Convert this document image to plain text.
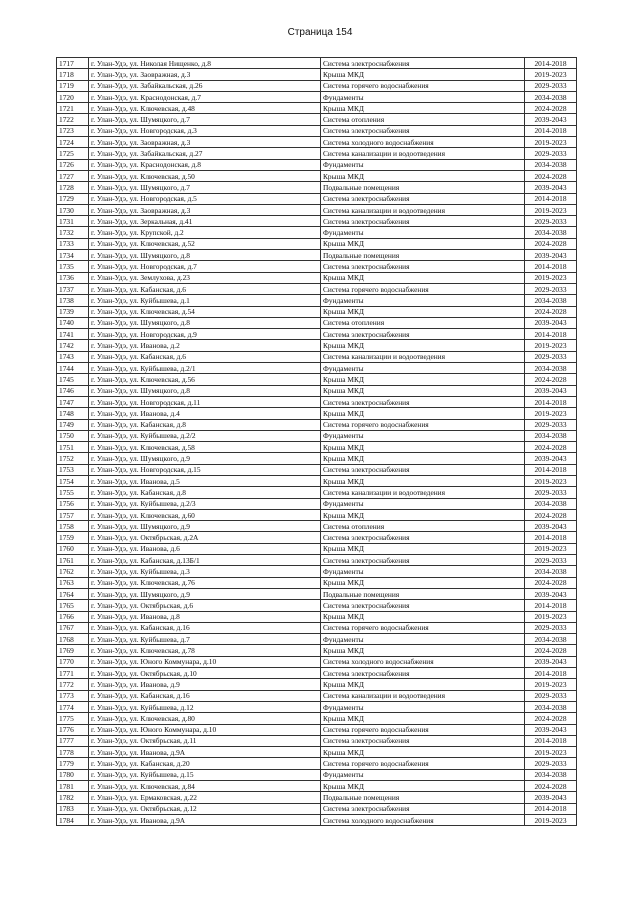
Страница 154
1717	г. Улан-Удэ, ул. Николая Нищенко, д.8	Система электроснабжения	2014-2018
1718	г. Улан-Удэ, ул. Заовражная, д.3	Крыша МКД	2019-2023
1719	г. Улан-Удэ, ул. Забайкальская, д.26	Система горячего водоснабжения	2029-2033
1720	г. Улан-Удэ, ул. Краснодонская, д.7	Фундаменты	2034-2038
1721	г. Улан-Удэ, ул. Ключевская, д.48	Крыша МКД	2024-2028
1722	г. Улан-Удэ, ул. Шумяцкого, д.7	Система отопления	2039-2043
1723	г. Улан-Удэ, ул. Новгородская, д.3	Система электроснабжения	2014-2018
1724	г. Улан-Удэ, ул. Заовражная, д.3	Система холодного водоснабжения	2019-2023
1725	г. Улан-Удэ, ул. Забайкальская, д.27	Система канализации и водоотведения	2029-2033
1726	г. Улан-Удэ, ул. Краснодонская, д.8	Фундаменты	2034-2038
1727	г. Улан-Удэ, ул. Ключевская, д.50	Крыша МКД	2024-2028
1728	г. Улан-Удэ, ул. Шумяцкого, д.7	Подвальные помещения	2039-2043
1729	г. Улан-Удэ, ул. Новгородская, д.5	Система электроснабжения	2014-2018
1730	г. Улан-Удэ, ул. Заовражная, д.3	Система канализации и водоотведения	2019-2023
1731	г. Улан-Удэ, ул. Зеркальная, д.41	Система электроснабжения	2029-2033
1732	г. Улан-Удэ, ул. Крупской, д.2	Фундаменты	2034-2038
1733	г. Улан-Удэ, ул. Ключевская, д.52	Крыша МКД	2024-2028
1734	г. Улан-Удэ, ул. Шумяцкого, д.8	Подвальные помещения	2039-2043
1735	г. Улан-Удэ, ул. Новгородская, д.7	Система электроснабжения	2014-2018
1736	г. Улан-Удэ, ул. Землухова, д.23	Крыша МКД	2019-2023
1737	г. Улан-Удэ, ул. Кабанская, д.6	Система горячего водоснабжения	2029-2033
1738	г. Улан-Удэ, ул. Куйбышева, д.1	Фундаменты	2034-2038
1739	г. Улан-Удэ, ул. Ключевская, д.54	Крыша МКД	2024-2028
1740	г. Улан-Удэ, ул. Шумяцкого, д.8	Система отопления	2039-2043
1741	г. Улан-Удэ, ул. Новгородская, д.9	Система электроснабжения	2014-2018
1742	г. Улан-Удэ, ул. Иванова, д.2	Крыша МКД	2019-2023
1743	г. Улан-Удэ, ул. Кабанская, д.6	Система канализации и водоотведения	2029-2033
1744	г. Улан-Удэ, ул. Куйбышева, д.2/1	Фундаменты	2034-2038
1745	г. Улан-Удэ, ул. Ключевская, д.56	Крыша МКД	2024-2028
1746	г. Улан-Удэ, ул. Шумяцкого, д.8	Крыша МКД	2039-2043
1747	г. Улан-Удэ, ул. Новгородская, д.11	Система электроснабжения	2014-2018
1748	г. Улан-Удэ, ул. Иванова, д.4	Крыша МКД	2019-2023
1749	г. Улан-Удэ, ул. Кабанская, д.8	Система горячего водоснабжения	2029-2033
1750	г. Улан-Удэ, ул. Куйбышева, д.2/2	Фундаменты	2034-2038
1751	г. Улан-Удэ, ул. Ключевская, д.58	Крыша МКД	2024-2028
1752	г. Улан-Удэ, ул. Шумяцкого, д.9	Крыша МКД	2039-2043
1753	г. Улан-Удэ, ул. Новгородская, д.15	Система электроснабжения	2014-2018
1754	г. Улан-Удэ, ул. Иванова, д.5	Крыша МКД	2019-2023
1755	г. Улан-Удэ, ул. Кабанская, д.8	Система канализации и водоотведения	2029-2033
1756	г. Улан-Удэ, ул. Куйбышева, д.2/3	Фундаменты	2034-2038
1757	г. Улан-Удэ, ул. Ключевская, д.60	Крыша МКД	2024-2028
1758	г. Улан-Удэ, ул. Шумяцкого, д.9	Система отопления	2039-2043
1759	г. Улан-Удэ, ул. Октябрьская, д.2А	Система электроснабжения	2014-2018
1760	г. Улан-Удэ, ул. Иванова, д.6	Крыша МКД	2019-2023
1761	г. Улан-Удэ, ул. Кабанская, д.13Б/1	Система электроснабжения	2029-2033
1762	г. Улан-Удэ, ул. Куйбышева, д.3	Фундаменты	2034-2038
1763	г. Улан-Удэ, ул. Ключевская, д.76	Крыша МКД	2024-2028
1764	г. Улан-Удэ, ул. Шумяцкого, д.9	Подвальные помещения	2039-2043
1765	г. Улан-Удэ, ул. Октябрьская, д.6	Система электроснабжения	2014-2018
1766	г. Улан-Удэ, ул. Иванова, д.8	Крыша МКД	2019-2023
1767	г. Улан-Удэ, ул. Кабанская, д.16	Система горячего водоснабжения	2029-2033
1768	г. Улан-Удэ, ул. Куйбышева, д.7	Фундаменты	2034-2038
1769	г. Улан-Удэ, ул. Ключевская, д.78	Крыша МКД	2024-2028
1770	г. Улан-Удэ, ул. Юного Коммунара, д.10	Система холодного водоснабжения	2039-2043
1771	г. Улан-Удэ, ул. Октябрьская, д.10	Система электроснабжения	2014-2018
1772	г. Улан-Удэ, ул. Иванова, д.9	Крыша МКД	2019-2023
1773	г. Улан-Удэ, ул. Кабанская, д.16	Система канализации и водоотведения	2029-2033
1774	г. Улан-Удэ, ул. Куйбышева, д.12	Фундаменты	2034-2038
1775	г. Улан-Удэ, ул. Ключевская, д.80	Крыша МКД	2024-2028
1776	г. Улан-Удэ, ул. Юного Коммунара, д.10	Система горячего водоснабжения	2039-2043
1777	г. Улан-Удэ, ул. Октябрьская, д.11	Система электроснабжения	2014-2018
1778	г. Улан-Удэ, ул. Иванова, д.9А	Крыша МКД	2019-2023
1779	г. Улан-Удэ, ул. Кабанская, д.20	Система горячего водоснабжения	2029-2033
1780	г. Улан-Удэ, ул. Куйбышева, д.15	Фундаменты	2034-2038
1781	г. Улан-Удэ, ул. Ключевская, д.84	Крыша МКД	2024-2028
1782	г. Улан-Удэ, ул. Ермаковская, д.22	Подвальные помещения	2039-2043
1783	г. Улан-Удэ, ул. Октябрьская, д.12	Система электроснабжения	2014-2018
1784	г. Улан-Удэ, ул. Иванова, д.9А	Система холодного водоснабжения	2019-2023
